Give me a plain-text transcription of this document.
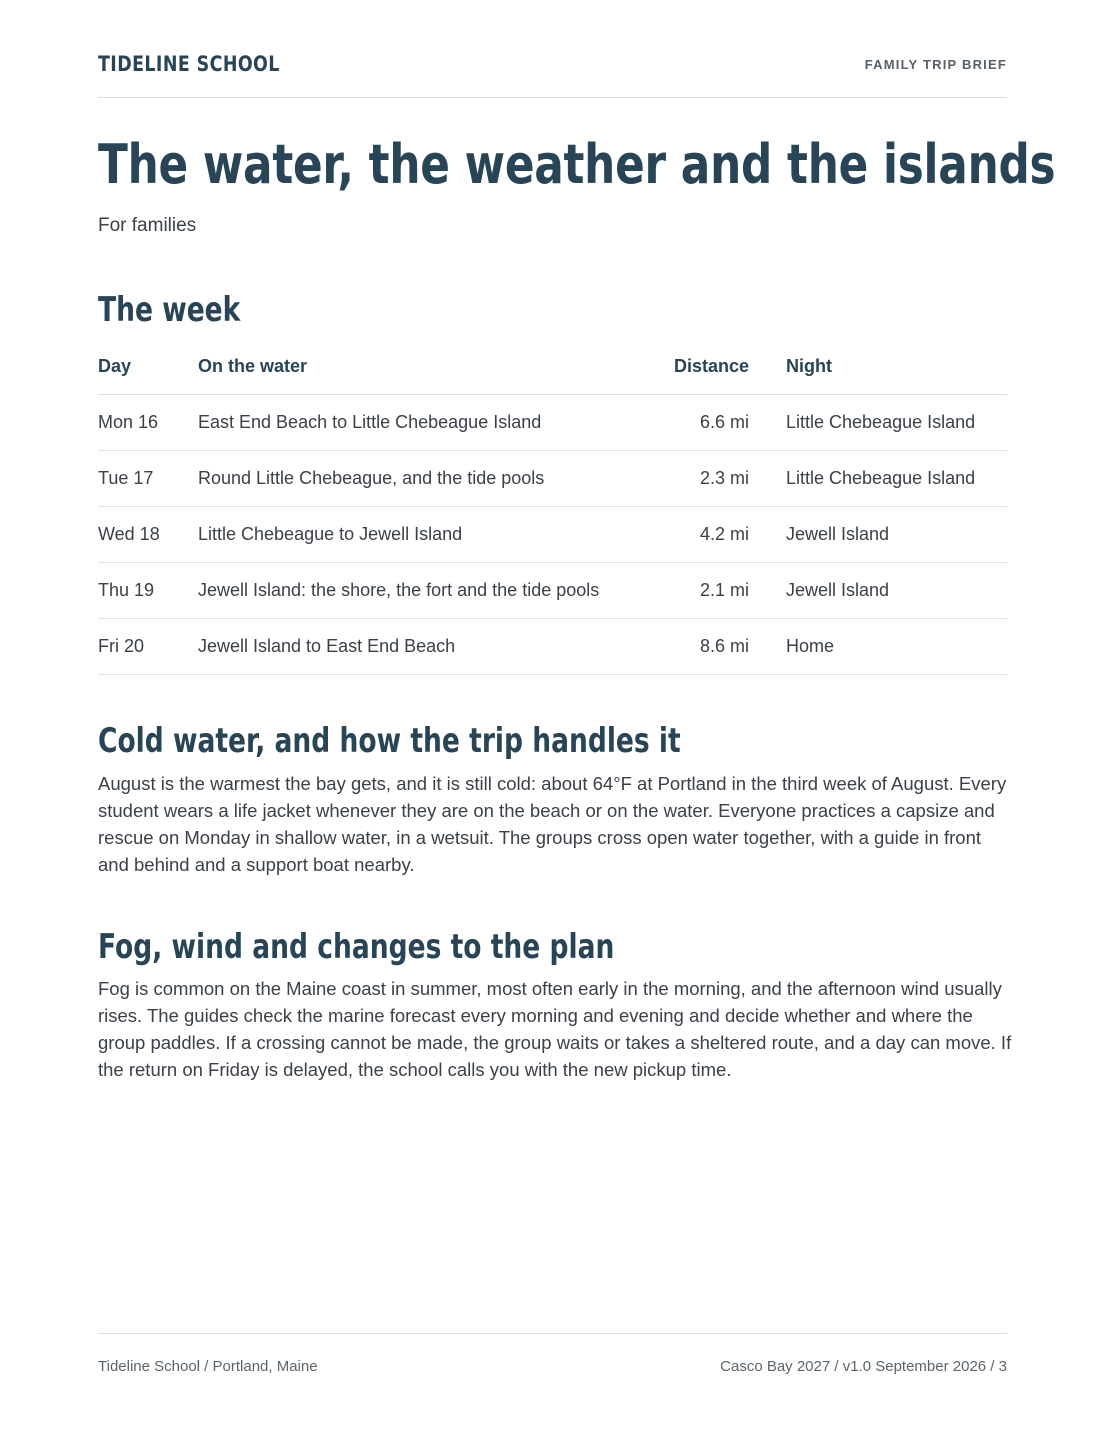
TIDELINE SCHOOL	FAMILY TRIP BRIEF
The water, the weather and the islands
For families
The week
Day	On the water	Distance		Night
Mon 16	East End Beach to Little Chebeague Island	6.6 mi		Little Chebeague Island
Tue 17	Round Little Chebeague, and the tide pools	2.3 mi		Little Chebeague Island
Wed 18	Little Chebeague to Jewell Island	4.2 mi		Jewell Island
Thu 19	Jewell Island: the shore, the fort and the tide pools	2.1 mi		Jewell Island
Fri 20	Jewell Island to East End Beach	8.6 mi		Home
Cold water, and how the trip handles it

August is the warmest the bay gets, and it is still cold: about 64°F at Portland in the third week of August. Every student wears a life jacket whenever they are on the beach or on the water. Everyone practices a capsize and rescue on Monday in shallow water, in a wetsuit. The groups cross open water together, with a guide in front and behind and a support boat nearby.

Fog, wind and changes to the plan

Fog is common on the Maine coast in summer, most often early in the morning, and the afternoon wind usually rises. The guides check the marine forecast every morning and evening and decide whether and where the group paddles. If a crossing cannot be made, the group waits or takes a sheltered route, and a day can move. If the return on Friday is delayed, the school calls you with the new pickup time.

Tideline School / Portland, Maine	Casco Bay 2027 / v1.0 September 2026 / 3
